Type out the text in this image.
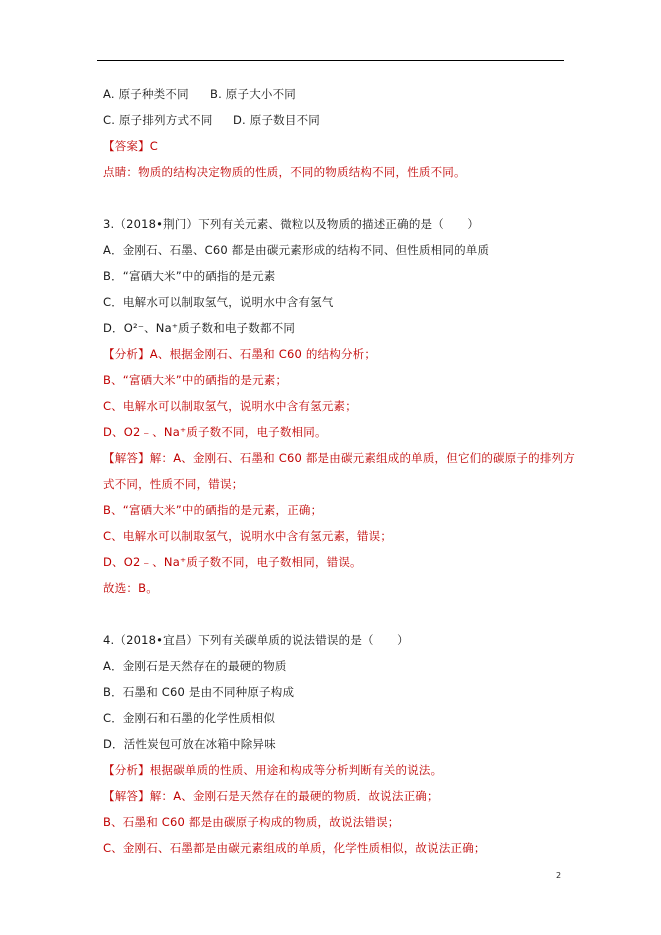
A. 原子种类不同 B. 原子大小不同
C. 原子排列方式不同 D. 原子数目不同
【答案】C
点睛：物质的结构决定物质的性质，不同的物质结构不同，性质不同。
3.（2018•荆门）下列有关元素、微粒以及物质的描述正确的是（　　）
A．金刚石、石墨、C60 都是由碳元素形成的结构不同、但性质相同的单质
B．“富硒大米”中的硒指的是元素
C．电解水可以制取氢气，说明水中含有氢气
D．O²⁻、Na⁺质子数和电子数都不同
【分析】A、根据金刚石、石墨和 C60 的结构分析；
B、“富硒大米”中的硒指的是元素；
C、电解水可以制取氢气，说明水中含有氢元素；
D、O2﹣、Na⁺质子数不同，电子数相同。
【解答】解：A、金刚石、石墨和 C60 都是由碳元素组成的单质，但它们的碳原子的排列方
式不同，性质不同，错误；
B、“富硒大米”中的硒指的是元素，正确；
C、电解水可以制取氢气，说明水中含有氢元素，错误；
D、O2﹣、Na⁺质子数不同，电子数相同，错误。
故选：B。
4.（2018•宜昌）下列有关碳单质的说法错误的是（　　）
A．金刚石是天然存在的最硬的物质
B．石墨和 C60 是由不同种原子构成
C．金刚石和石墨的化学性质相似
D．活性炭包可放在冰箱中除异味
【分析】根据碳单质的性质、用途和构成等分析判断有关的说法。
【解答】解：A、金刚石是天然存在的最硬的物质．故说法正确；
B、石墨和 C60 都是由碳原子构成的物质，故说法错误；
C、金刚石、石墨都是由碳元素组成的单质，化学性质相似，故说法正确；
2
